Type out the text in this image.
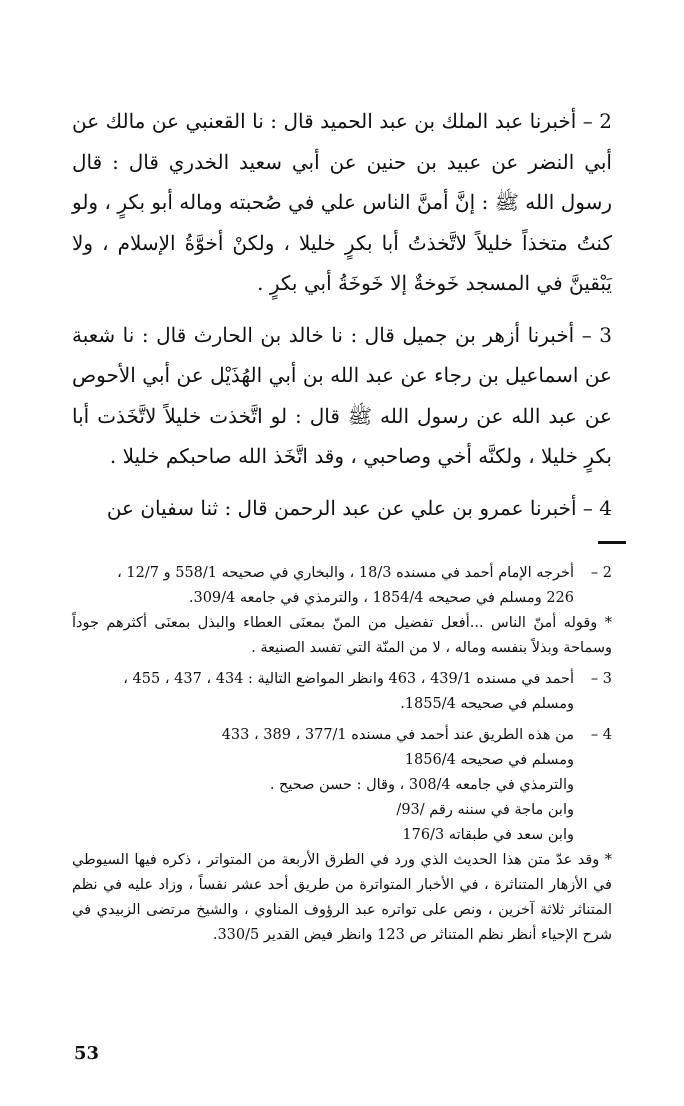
2 – أخبرنا عبد الملك بن عبد الحميد قال : نا القعنبي عن مالك عن أبي النضر عن عبيد بن حنين عن أبي سعيد الخدري قال : قال رسول الله ﷺ : إنَّ أمنَّ الناس علي في صُحبته وماله أبو بكرٍ ، ولو كنتُ متخذاً خليلاً لاتَّخذتُ أبا بكرٍ خليلا ، ولكنْ أخوَّةُ الإسلام ، ولا يَبْقينَّ في المسجد خَوخةٌ إلا خَوخَةُ أبي بكرٍ .
3 – أخبرنا أزهر بن جميل قال : نا خالد بن الحارث قال : نا شعبة عن اسماعيل بن رجاء عن عبد الله بن أبي الهُذَيْل عن أبي الأحوص عن عبد الله عن رسول الله ﷺ قال : لو اتَّخذت خليلاً لاتَّخَذت أبا بكرٍ خليلا ، ولكنَّه أخي وصاحبي ، وقد اتَّخَذ الله صاحبكم خليلا .
4 – أخبرنا عمرو بن علي عن عبد الرحمن قال : ثنا سفيان عن
2 –
أخرجه الإمام أحمد في مسنده 18/3 ، والبخاري في صحيحه 558/1 و 12/7 ،
226 ومسلم في صحيحه 1854/4 ، والترمذي في جامعه 309/4.
* وقوله أمنّ الناس ...أفعل تفضيل من المنّ بمعنَى العطاء والبذل بمعنَى أكثرهم جوداً وسماحة وبذلاً بنفسه وماله ، لا من المنّة التي تفسد الصنيعة .
3 –
أحمد في مسنده 439/1 ، 463 وانظر المواضع التالية : 434 ، 437 ، 455 ،
ومسلم في صحيحه 1855/4.
4 –
من هذه الطريق عند أحمد في مسنده 377/1 ، 389 ، 433
ومسلم في صحيحه 1856/4
والترمذي في جامعه 308/4 ، وقال : حسن صحيح .
وابن ماجة في سننه رقم /93/
وابن سعد في طبقاته 176/3
* وقد عدّ متن هذا الحديث الذي ورد في الطرق الأربعة من المتواتر ، ذكره فيها السيوطي في الأزهار المتناثرة ، في الأخبار المتواترة من طريق أحد عشر نفساً ، وزاد عليه في نظم المتناثر ثلاثة آخرين ، ونص على تواتره عبد الرؤوف المناوي ، والشيخ مرتضى الزبيدي في شرح الإحياء أنظر نظم المتناثر ص 123 وانظر فيض القدير 330/5.
53
